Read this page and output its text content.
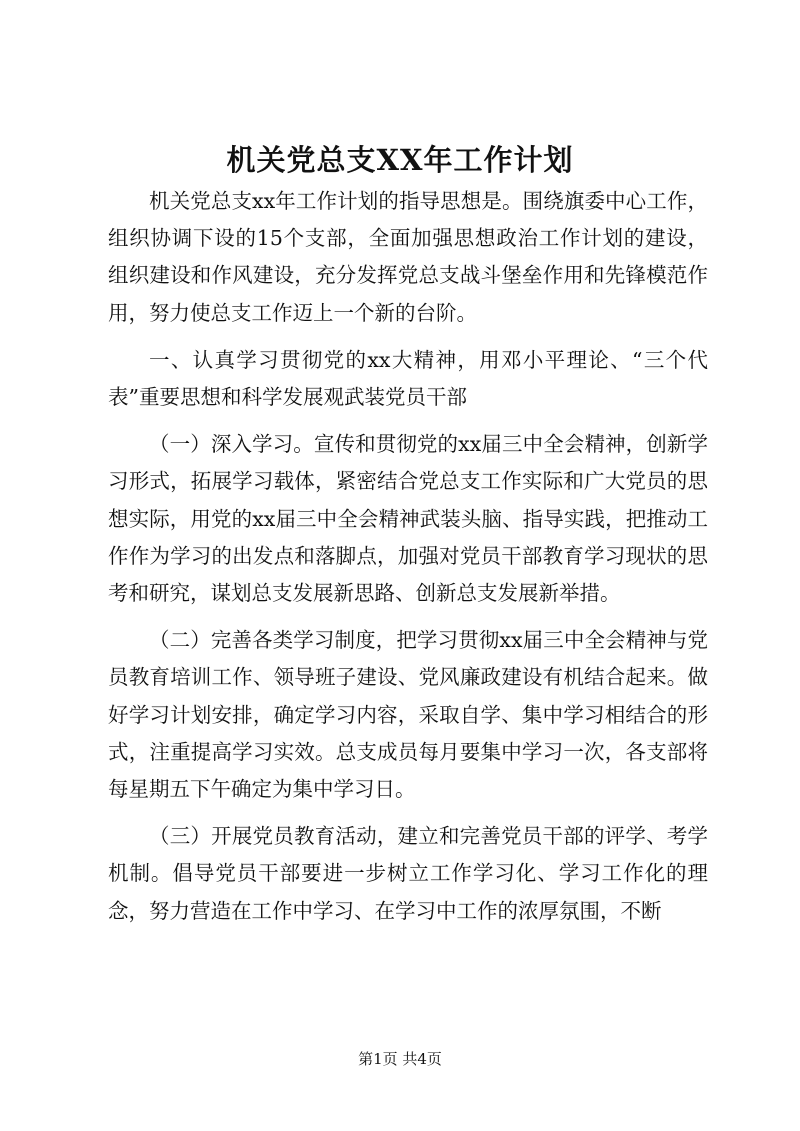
机关党总支XX年工作计划

机关党总支xx年工作计划的指导思想是。围绕旗委中心工作，组织协调下设的15个支部，全面加强思想政治工作计划的建设，组织建设和作风建设，充分发挥党总支战斗堡垒作用和先锋模范作用，努力使总支工作迈上一个新的台阶。

一、认真学习贯彻党的xx大精神，用邓小平理论、“三个代表”重要思想和科学发展观武装党员干部

（一）深入学习。宣传和贯彻党的xx届三中全会精神，创新学习形式，拓展学习载体，紧密结合党总支工作实际和广大党员的思想实际，用党的xx届三中全会精神武装头脑、指导实践，把推动工作作为学习的出发点和落脚点，加强对党员干部教育学习现状的思考和研究，谋划总支发展新思路、创新总支发展新举措。

（二）完善各类学习制度，把学习贯彻xx届三中全会精神与党员教育培训工作、领导班子建设、党风廉政建设有机结合起来。做好学习计划安排，确定学习内容，采取自学、集中学习相结合的形式，注重提高学习实效。总支成员每月要集中学习一次，各支部将每星期五下午确定为集中学习日。

（三）开展党员教育活动，建立和完善党员干部的评学、考学机制。倡导党员干部要进一步树立工作学习化、学习工作化的理念，努力营造在工作中学习、在学习中工作的浓厚氛围，不断

第1页 共4页
